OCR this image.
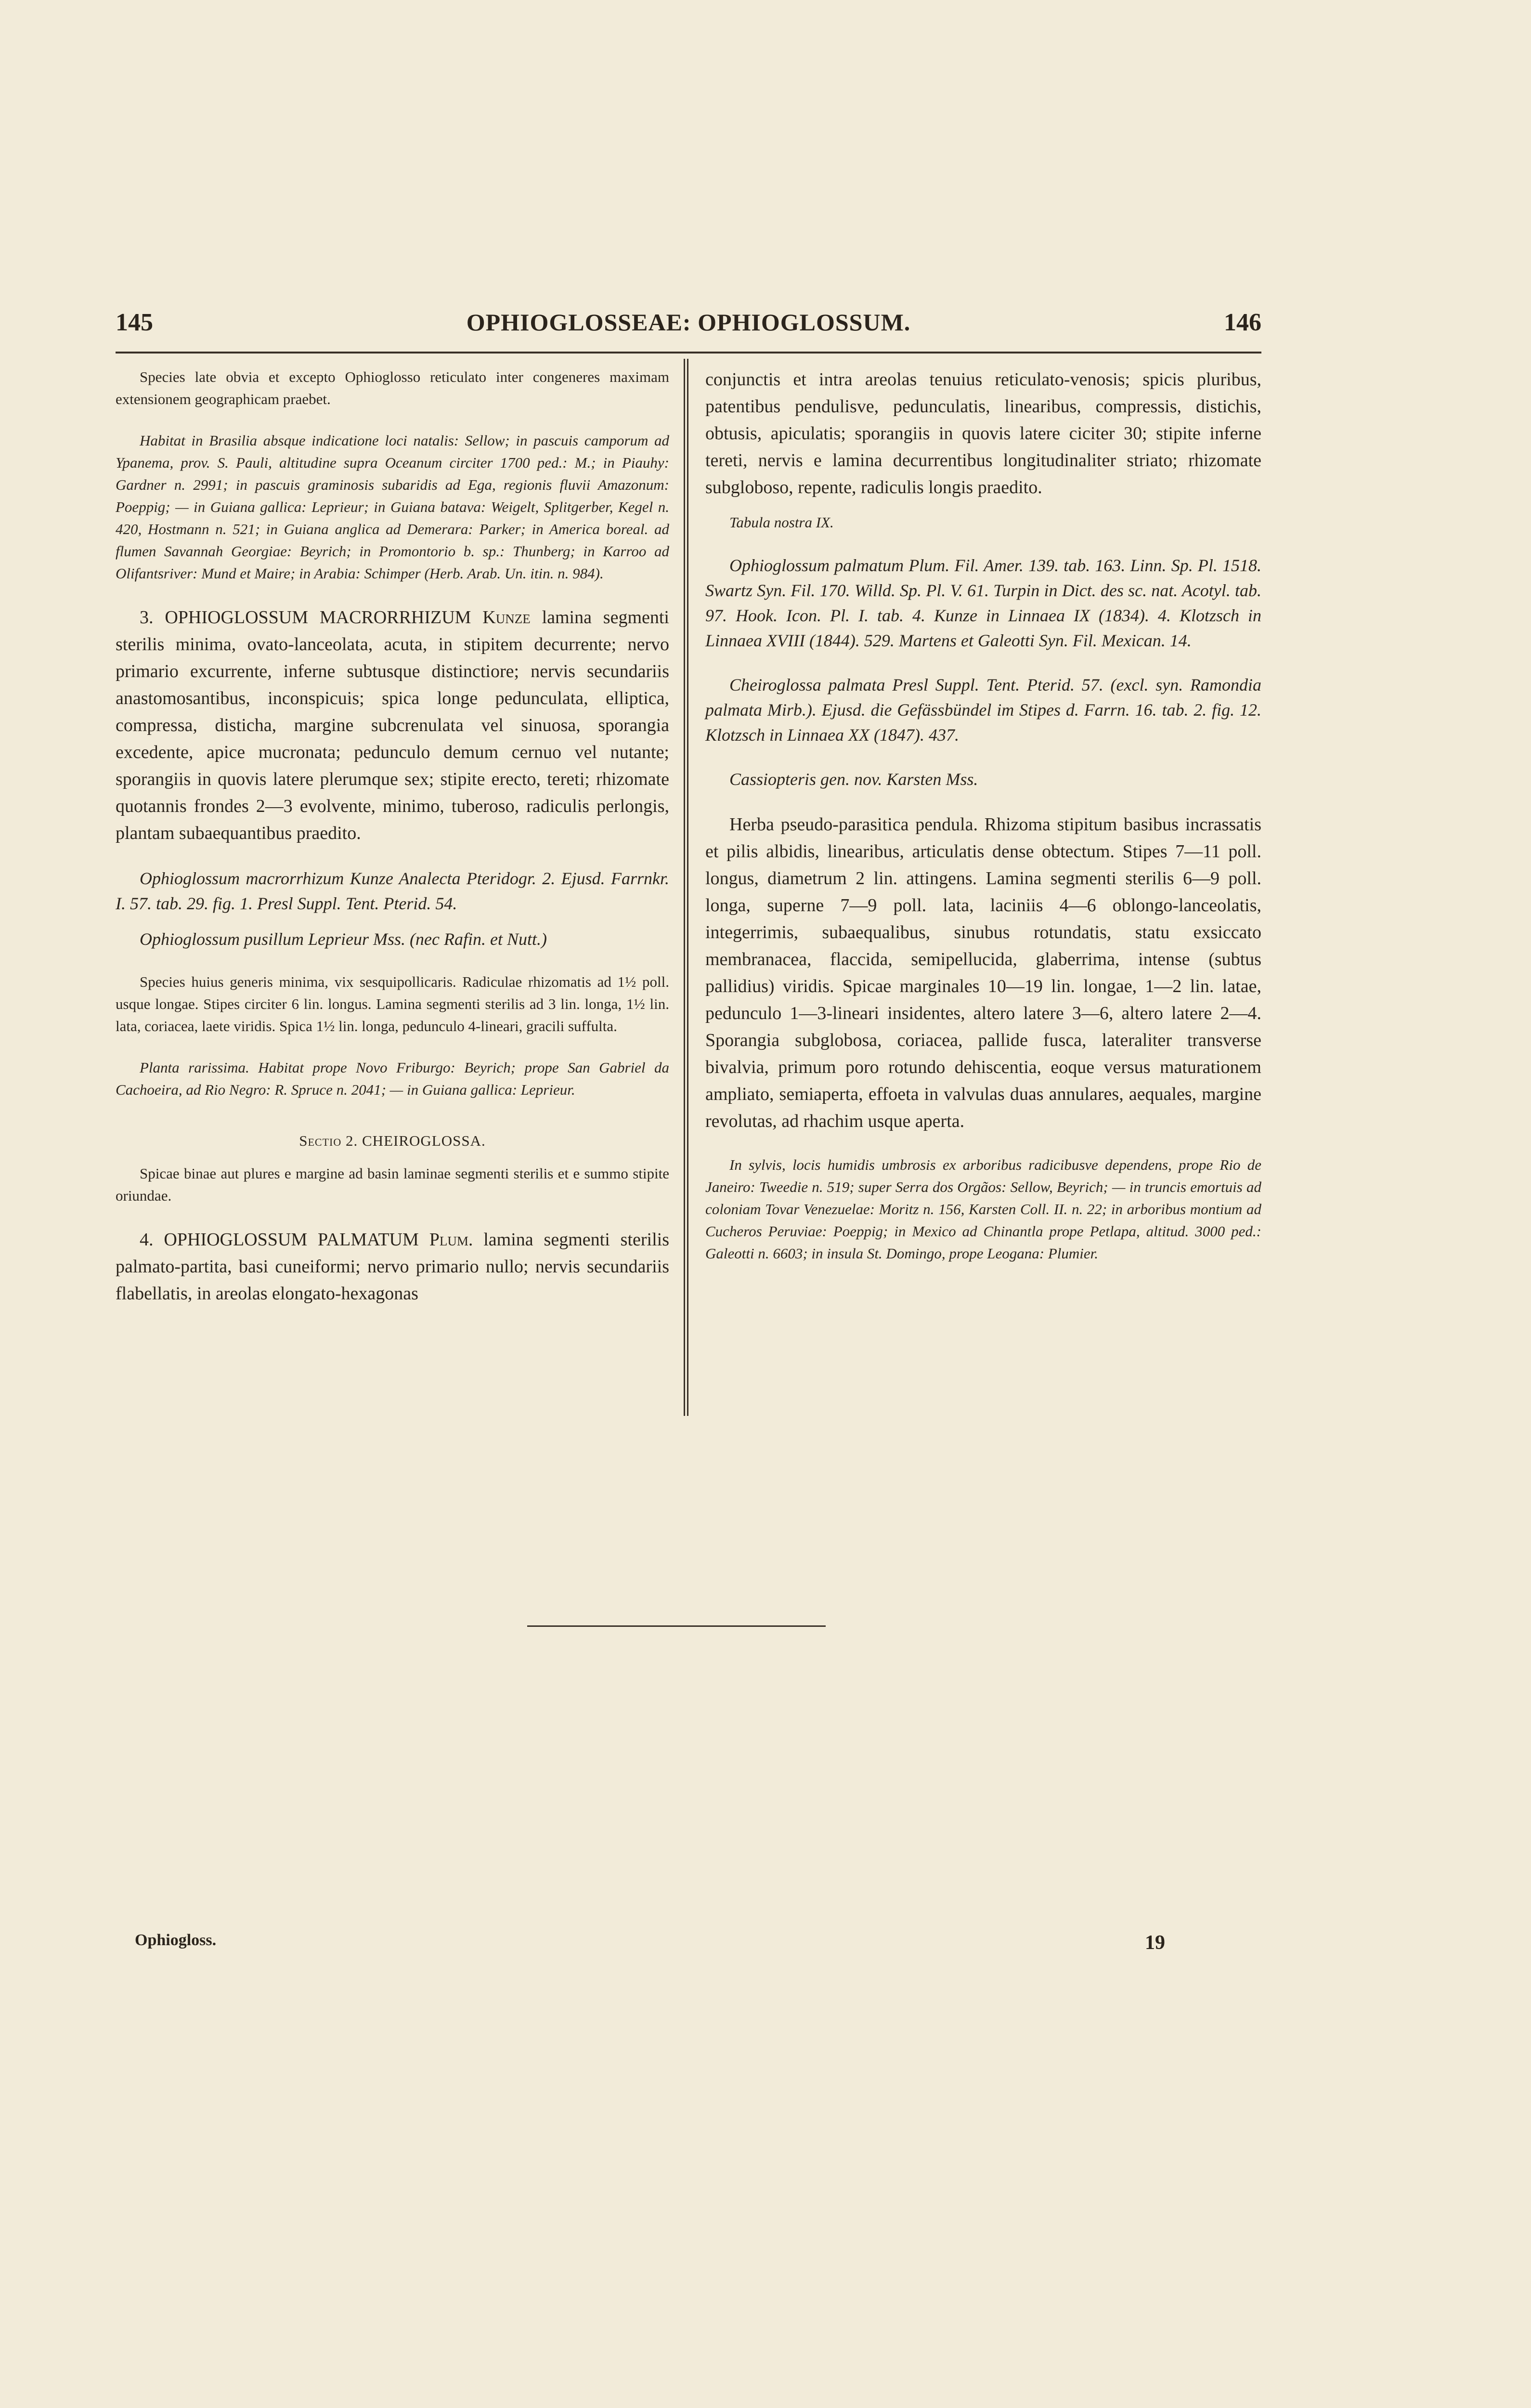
145	OPHIOGLOSSEAE: OPHIOGLOSSUM.	146

Species late obvia et excepto Ophioglosso reticulato inter congeneres maximam extensionem geographicam praebet.

Habitat in Brasilia absque indicatione loci natalis: Sellow; in pascuis camporum ad Ypanema, prov. S. Pauli, altitudine supra Oceanum circiter 1700 ped.: M.; in Piauhy: Gardner n. 2991; in pascuis graminosis subaridis ad Ega, regionis fluvii Amazonum: Poeppig; — in Guiana gallica: Leprieur; in Guiana batava: Weigelt, Splitgerber, Kegel n. 420, Hostmann n. 521; in Guiana anglica ad Demerara: Parker; in America boreal. ad flumen Savannah Georgiae: Beyrich; in Promontorio b. sp.: Thunberg; in Karroo ad Olifantsriver: Mund et Maire; in Arabia: Schimper (Herb. Arab. Un. itin. n. 984).

3. OPHIOGLOSSUM MACRORRHIZUM Kunze lamina segmenti sterilis minima, ovato-lanceolata, acuta, in stipitem decurrente; nervo primario excurrente, inferne subtusque distinctiore; nervis secundariis anastomosantibus, inconspicuis; spica longe pedunculata, elliptica, compressa, disticha, margine subcrenulata vel sinuosa, sporangia excedente, apice mucronata; pedunculo demum cernuo vel nutante; sporangiis in quovis latere plerumque sex; stipite erecto, tereti; rhizomate quotannis frondes 2—3 evolvente, minimo, tuberoso, radiculis perlongis, plantam subaequantibus praedito.

Ophioglossum macrorrhizum Kunze Analecta Pteridogr. 2. Ejusd. Farrnkr. I. 57. tab. 29. fig. 1. Presl Suppl. Tent. Pterid. 54.

Ophioglossum pusillum Leprieur Mss. (nec Rafin. et Nutt.)

Species huius generis minima, vix sesquipollicaris. Radiculae rhizomatis ad 1½ poll. usque longae. Stipes circiter 6 lin. longus. Lamina segmenti sterilis ad 3 lin. longa, 1½ lin. lata, coriacea, laete viridis. Spica 1½ lin. longa, pedunculo 4-lineari, gracili suffulta.

Planta rarissima. Habitat prope Novo Friburgo: Beyrich; prope San Gabriel da Cachoeira, ad Rio Negro: R. Spruce n. 2041; — in Guiana gallica: Leprieur.

Sectio 2. CHEIROGLOSSA.

Spicae binae aut plures e margine ad basin laminae segmenti sterilis et e summo stipite oriundae.

4. OPHIOGLOSSUM PALMATUM Plum. lamina segmenti sterilis palmato-partita, basi cuneiformi; nervo primario nullo; nervis secundariis flabellatis, in areolas elongato-hexagonas

conjunctis et intra areolas tenuius reticulato-venosis; spicis pluribus, patentibus pendulisve, pedunculatis, linearibus, compressis, distichis, obtusis, apiculatis; sporangiis in quovis latere ciciter 30; stipite inferne tereti, nervis e lamina decurrentibus longitudinaliter striato; rhizomate subgloboso, repente, radiculis longis praedito.

Tabula nostra IX.

Ophioglossum palmatum Plum. Fil. Amer. 139. tab. 163. Linn. Sp. Pl. 1518. Swartz Syn. Fil. 170. Willd. Sp. Pl. V. 61. Turpin in Dict. des sc. nat. Acotyl. tab. 97. Hook. Icon. Pl. I. tab. 4. Kunze in Linnaea IX (1834). 4. Klotzsch in Linnaea XVIII (1844). 529. Martens et Galeotti Syn. Fil. Mexican. 14.

Cheiroglossa palmata Presl Suppl. Tent. Pterid. 57. (excl. syn. Ramondia palmata Mirb.). Ejusd. die Gefässbündel im Stipes d. Farrn. 16. tab. 2. fig. 12. Klotzsch in Linnaea XX (1847). 437.

Cassiopteris gen. nov. Karsten Mss.

Herba pseudo-parasitica pendula. Rhizoma stipitum basibus incrassatis et pilis albidis, linearibus, articulatis dense obtectum. Stipes 7—11 poll. longus, diametrum 2 lin. attingens. Lamina segmenti sterilis 6—9 poll. longa, superne 7—9 poll. lata, laciniis 4—6 oblongo-lanceolatis, integerrimis, subaequalibus, sinubus rotundatis, statu exsiccato membranacea, flaccida, semipellucida, glaberrima, intense (subtus pallidius) viridis. Spicae marginales 10—19 lin. longae, 1—2 lin. latae, pedunculo 1—3-lineari insidentes, altero latere 3—6, altero latere 2—4. Sporangia subglobosa, coriacea, pallide fusca, lateraliter transverse bivalvia, primum poro rotundo dehiscentia, eoque versus maturationem ampliato, semiaperta, effoeta in valvulas duas annulares, aequales, margine revolutas, ad rhachim usque aperta.

In sylvis, locis humidis umbrosis ex arboribus radicibusve dependens, prope Rio de Janeiro: Tweedie n. 519; super Serra dos Orgãos: Sellow, Beyrich; — in truncis emortuis ad coloniam Tovar Venezuelae: Moritz n. 156, Karsten Coll. II. n. 22; in arboribus montium ad Cucheros Peruviae: Poeppig; in Mexico ad Chinantla prope Petlapa, altitud. 3000 ped.: Galeotti n. 6603; in insula St. Domingo, prope Leogana: Plumier.

Ophiogloss.	19
